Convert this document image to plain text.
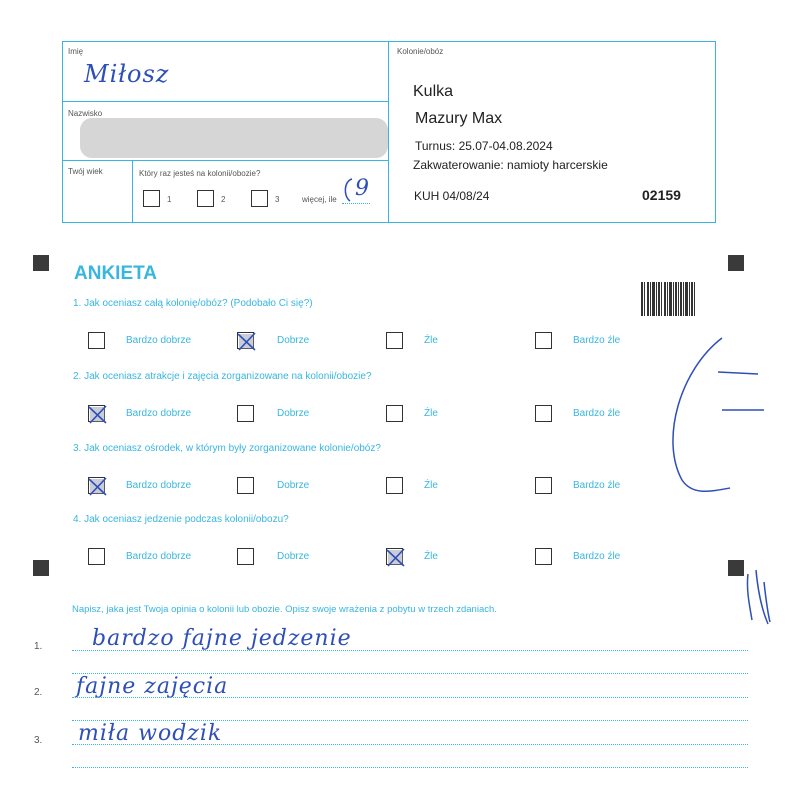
Imię
Miłosz
Nazwisko
Twój wiek	Który raz jesteś na kolonii/obozie?
1	2	3	więcej, ile 9
Kolonie/obóz
Kulka
Mazury Max
Turnus: 25.07-04.08.2024
Zakwaterowanie: namioty harcerskie
KUH 04/08/24	02159
ANKIETA
1. Jak oceniasz całą kolonię/obóz? (Podobało Ci się?)
Bardzo dobrze	Dobrze	Źle	Bardzo źle
2. Jak oceniasz atrakcje i zajęcia zorganizowane na kolonii/obozie?
Bardzo dobrze	Dobrze	Źle	Bardzo źle
3. Jak oceniasz ośrodek, w którym były zorganizowane kolonie/obóz?
Bardzo dobrze	Dobrze	Źle	Bardzo źle
4. Jak oceniasz jedzenie podczas kolonii/obozu?
Bardzo dobrze	Dobrze	Źle	Bardzo źle
Napisz, jaka jest Twoja opinia o kolonii lub obozie. Opisz swoje wrażenia z pobytu w trzech zdaniach.
1. bardzo fajne jedzenie
2. fajne zajęcia
3. miła wodzik
